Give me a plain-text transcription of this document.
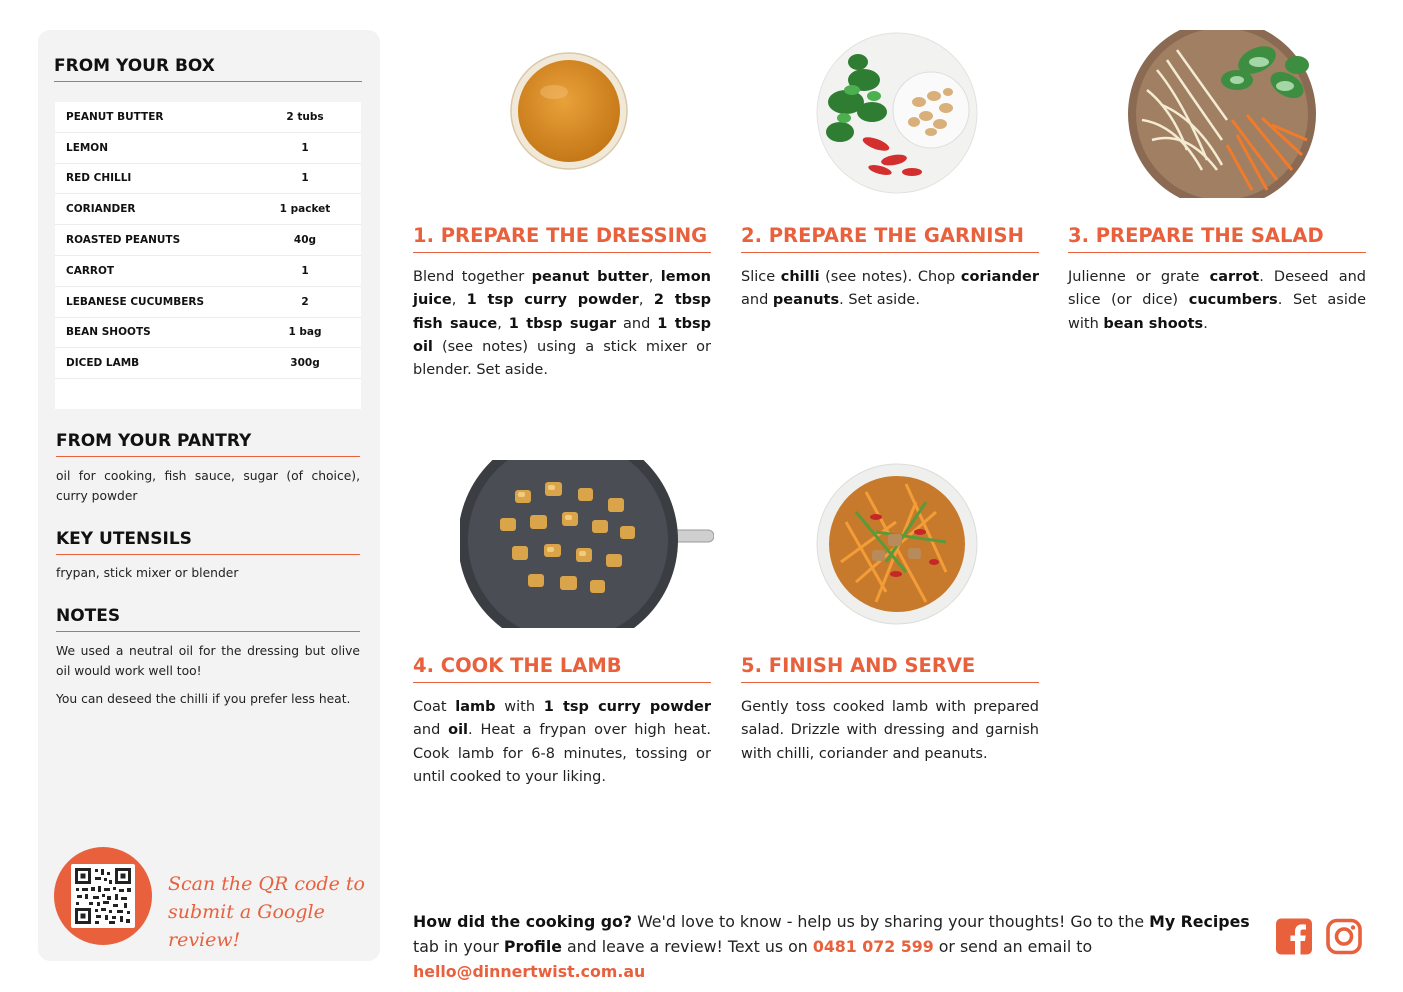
FROM YOUR BOX
PEANUT BUTTER	2 tubs
LEMON	1
RED CHILLI	1
CORIANDER	1 packet
ROASTED PEANUTS	40g
CARROT	1
LEBANESE CUCUMBERS	2
BEAN SHOOTS	1 bag
DICED LAMB	300g
FROM YOUR PANTRY
oil for cooking, fish sauce, sugar (of choice), curry powder
KEY UTENSILS
frypan, stick mixer or blender
NOTES
We used a neutral oil for the dressing but olive oil would work well too!
You can deseed the chilli if you prefer less heat.
Scan the QR code to
submit a Google review!
1. PREPARE THE DRESSING 2. PREPARE THE GARNISH	3. PREPARE THE SALAD
4. COOK THE LAMB	5. FINISH AND SERVE
Blend together peanut butter, lemon juice, 1 tsp curry powder, 2 tbsp fish sauce, 1 tbsp sugar and 1 tbsp oil (see notes) using a stick mixer or blender. Set aside.
Slice chilli (see notes). Chop coriander and peanuts. Set aside.
Julienne or grate carrot. Deseed and slice (or dice) cucumbers. Set aside with bean shoots.
Coat lamb with 1 tsp curry powder and oil. Heat a frypan over high heat. Cook lamb for 6-8 minutes, tossing or until cooked to your liking.
Gently toss cooked lamb with prepared salad. Drizzle with dressing and garnish with chilli, coriander and peanuts.
How did the cooking go? We'd love to know - help us by sharing your thoughts! Go to the My Recipes tab in your Profile and leave a review! Text us on 0481 072 599 or send an email to hello@dinnertwist.com.au
